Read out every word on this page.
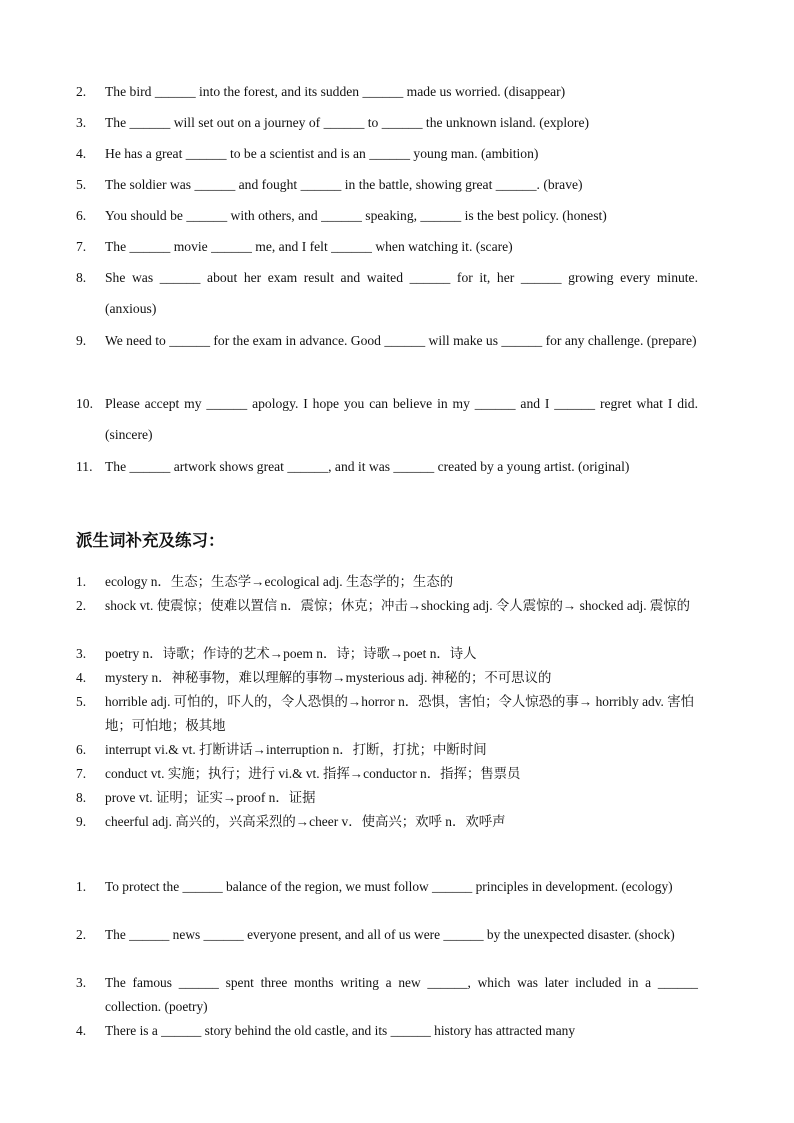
2.	The bird ______ into the forest, and its sudden ______ made us worried. (disappear)
3.	The ______ will set out on a journey of ______ to ______ the unknown island. (explore)
4.	He has a great ______ to be a scientist and is an ______ young man. (ambition)
5.	The soldier was ______ and fought ______ in the battle, showing great ______. (brave)
6.	You should be ______ with others, and ______ speaking, ______ is the best policy. (honest)
7.	The ______ movie ______ me, and I felt ______ when watching it. (scare)
8.	She was ______ about her exam result and waited ______ for it, her ______ growing every minute. (anxious)
9.	We need to ______ for the exam in advance. Good ______ will make us ______ for any challenge. (prepare)
10. Please accept my ______ apology. I hope you can believe in my ______ and I ______ regret what I did. (sincere)
11. The ______ artwork shows great ______, and it was ______ created by a young artist. (original)
派生词补充及练习：
1.	ecology n．生态；生态学→ecological adj. 生态学的；生态的
2.	shock vt. 使震惊；使难以置信 n．震惊；休克；冲击→shocking adj. 令人震惊的→ shocked adj. 震惊的
3.	poetry n．诗歌；作诗的艺术→poem n．诗；诗歌→poet n．诗人
4.	mystery n．神秘事物，难以理解的事物→mysterious adj. 神秘的；不可思议的
5.	horrible adj. 可怕的，吓人的，令人恐惧的→horror n．恐惧，害怕；令人惊恐的事→ horribly adv. 害怕地；可怕地；极其地
6.	interrupt vi.& vt. 打断讲话→interruption n．打断，打扰；中断时间
7.	conduct vt. 实施；执行；进行 vi.& vt. 指挥→conductor n．指挥；售票员
8.	prove vt. 证明；证实→proof n．证据
9.	cheerful adj. 高兴的，兴高采烈的→cheer v．使高兴；欢呼 n．欢呼声
1.	To protect the ______ balance of the region, we must follow ______ principles in development. (ecology)
2.	The ______ news ______ everyone present, and all of us were ______ by the unexpected disaster. (shock)
3.	The famous ______ spent three months writing a new ______, which was later included in a ______ collection. (poetry)
4.	There is a ______ story behind the old castle, and its ______ history has attracted many
